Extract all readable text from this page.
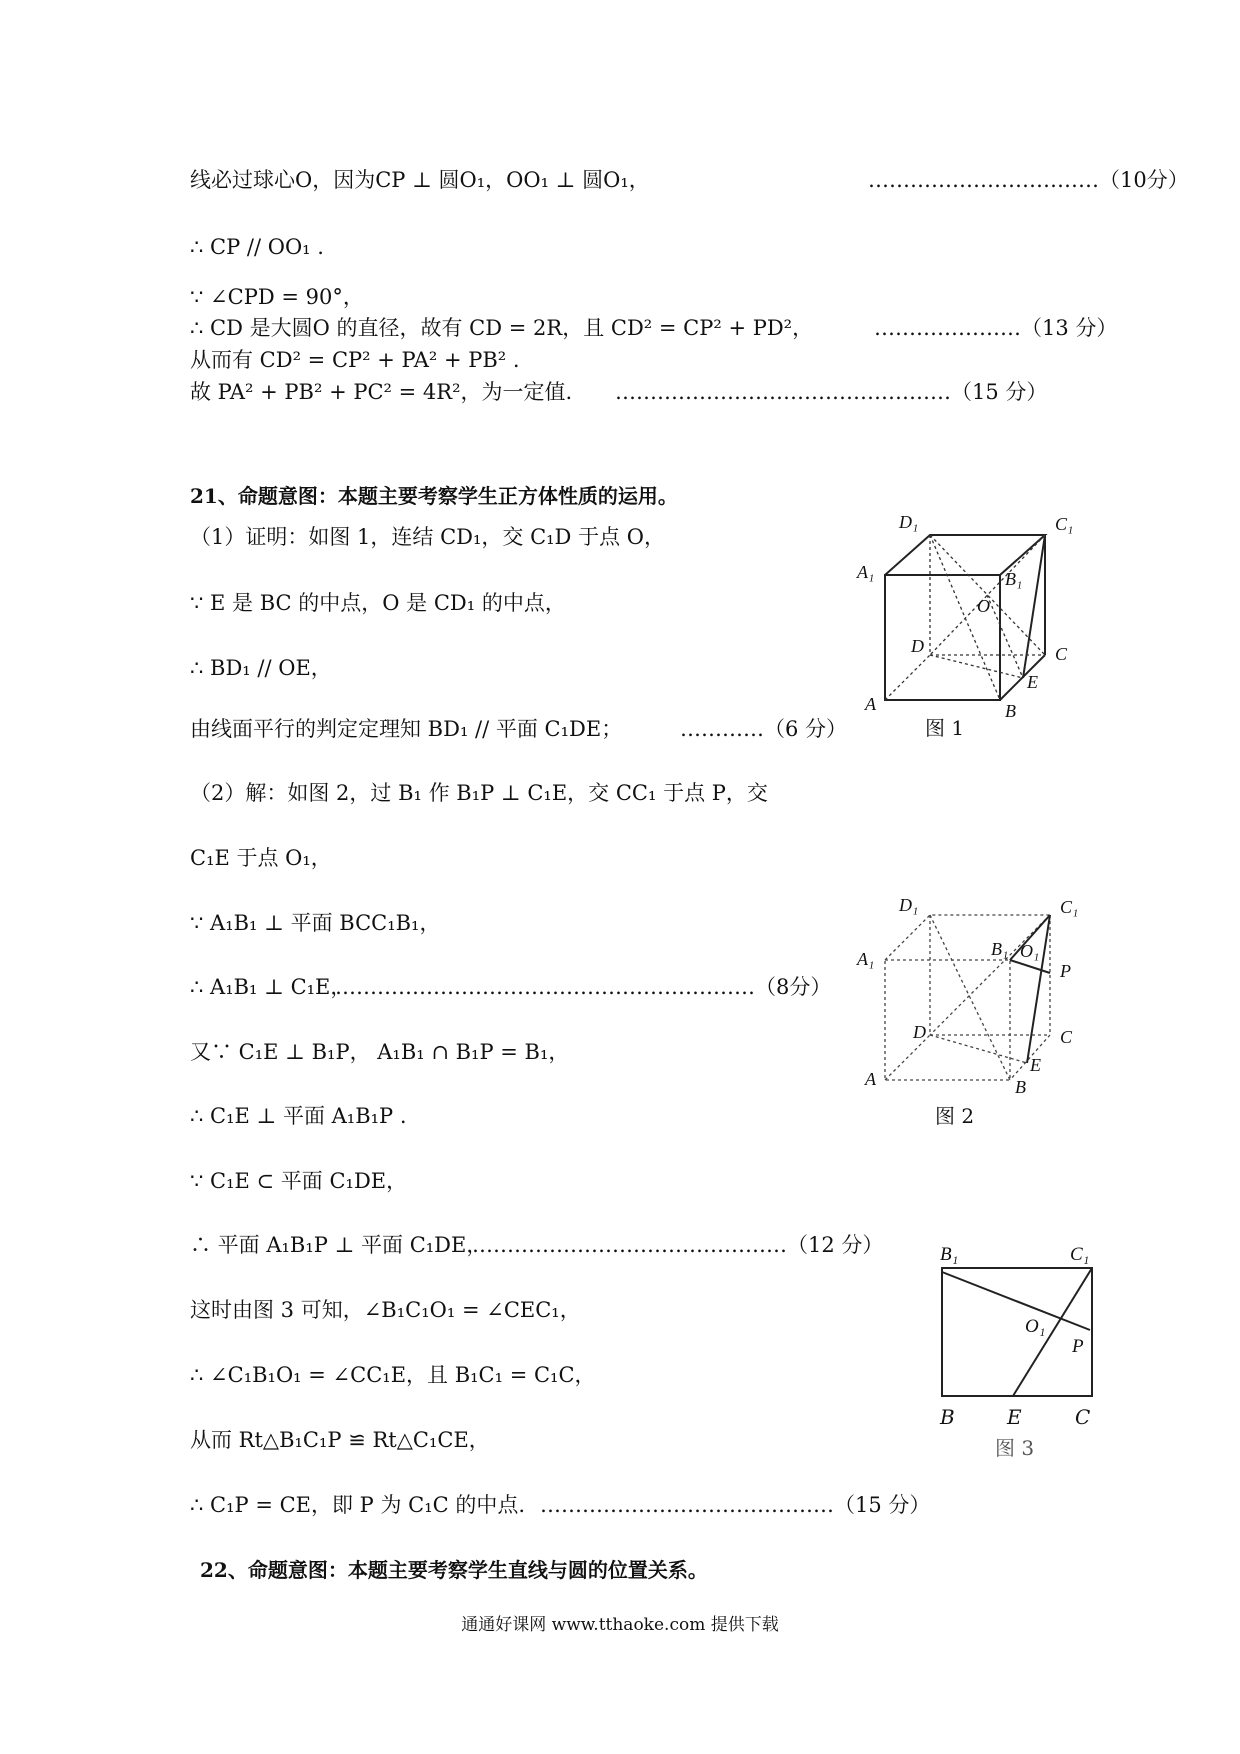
线必过球心O，因为CP ⊥ 圆O₁，OO₁ ⊥ 圆O₁，	……………………………（10分）
∴ CP // OO₁ .
∵ ∠CPD = 90°，
∴ CD 是大圆O 的直径，故有 CD = 2R，且 CD² = CP² + PD²，	…………………（13 分）
从而有 CD² = CP² + PA² + PB² .
故 PA² + PB² + PC² = 4R²，为一定值. …………………………………………（15 分）
21、命题意图：本题主要考察学生正方体性质的运用。
（1）证明：如图 1，连结 CD₁，交 C₁D 于点 O，
∵ E 是 BC 的中点，O 是 CD₁ 的中点，
∴ BD₁ // OE，
由线面平行的判定定理知 BD₁ // 平面 C₁DE；	…………（6 分）
（2）解：如图 2，过 B₁ 作 B₁P ⊥ C₁E，交 CC₁ 于点 P，交
C₁E 于点 O₁，
∵ A₁B₁ ⊥ 平面 BCC₁B₁，
∴ A₁B₁ ⊥ C₁E，
……………………………………………………（8分）
又∵ C₁E ⊥ B₁P， A₁B₁ ∩ B₁P = B₁，
∴ C₁E ⊥ 平面 A₁B₁P .
∵ C₁E ⊂ 平面 C₁DE，
∴ 平面 A₁B₁P ⊥ 平面 C₁DE，
………………………………………（12 分）
这时由图 3 可知，∠B₁C₁O₁ = ∠CEC₁，
∴ ∠C₁B₁O₁ = ∠CC₁E，且 B₁C₁ = C₁C，
从而 Rt△B₁C₁P ≌ Rt△C₁CE，
∴ C₁P = CE，即 P 为 C₁C 的中点. ……………………………………（15 分）
22、命题意图：本题主要考察学生直线与圆的位置关系。
D₁	C₁
A₁	B₁
O
D	C
E
A	B
图 1
D₁	C₁
A₁	B₁ O₁
P
D	C
E
A	B
图 2
B₁	C₁
O₁
P
B	E	C
图 3
通通好课网 www.tthaoke.com 提供下载
